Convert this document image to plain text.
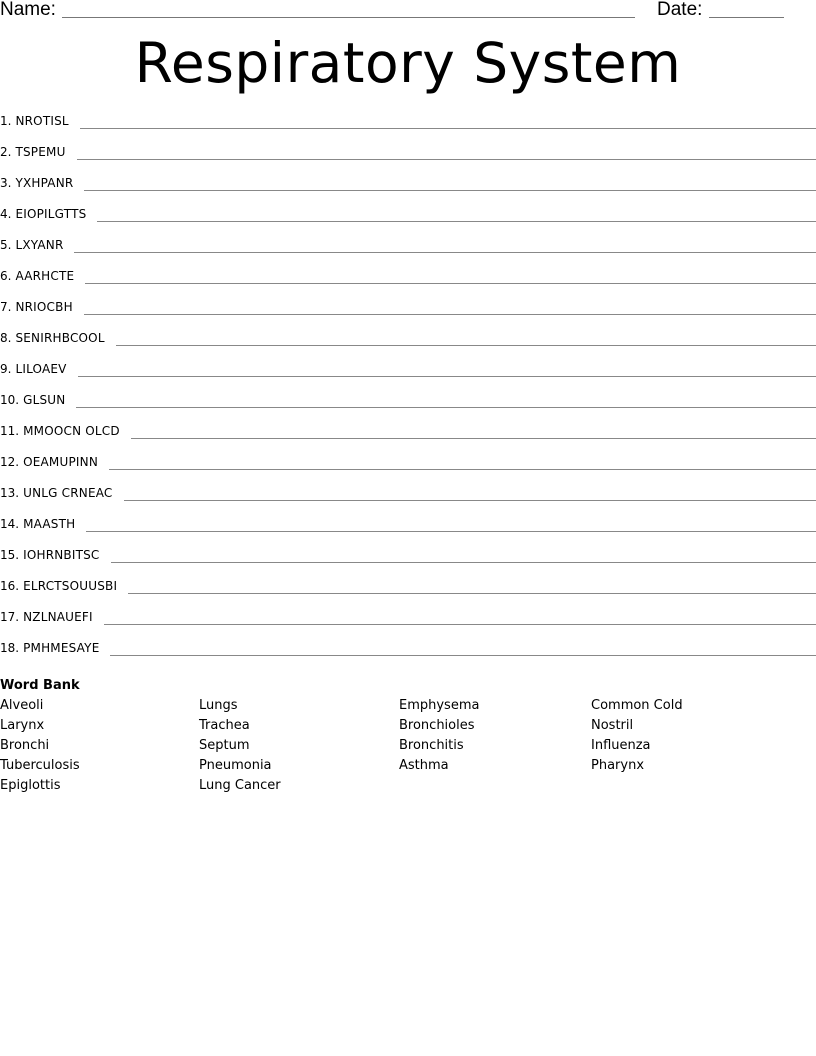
Name:	Date:
Respiratory System
1. NROTISL
2. TSPEMU
3. YXHPANR
4. EIOPILGTTS
5. LXYANR
6. AARHCTE
7. NRIOCBH
8. SENIRHBCOOL
9. LILOAEV
10. GLSUN
11. MMOOCN OLCD
12. OEAMUPINN
13. UNLG CRNEAC
14. MAASTH
15. IOHRNBITSC
16. ELRCTSOUUSBI
17. NZLNAUEFI
18. PMHMESAYE
Word Bank
Alveoli
Larynx
Bronchi
Tuberculosis
Epiglottis
Lungs
Trachea
Septum
Pneumonia
Lung Cancer
Emphysema
Bronchioles
Bronchitis
Asthma
Common Cold
Nostril
Influenza
Pharynx
